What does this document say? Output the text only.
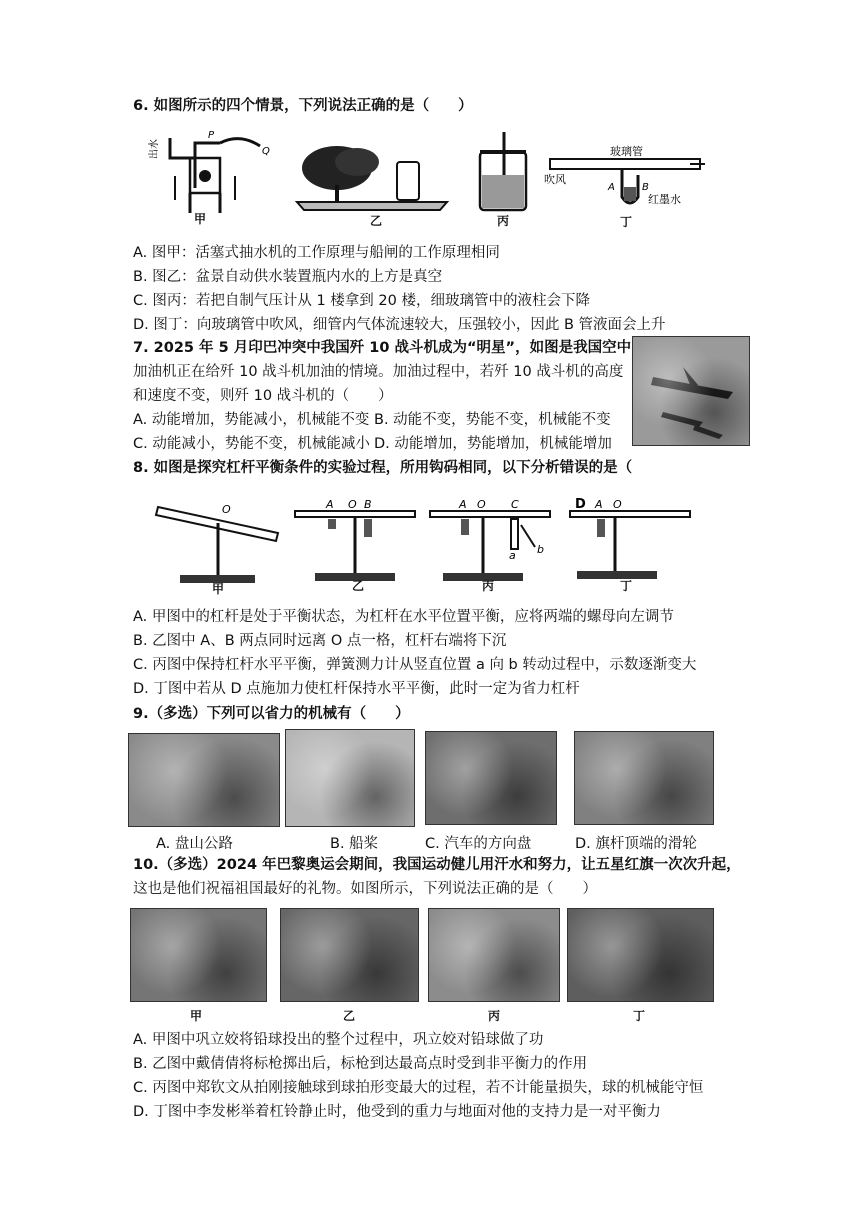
6. 如图所示的四个情景，下列说法正确的是（　　）
出水
P
Q
甲	乙	丙
玻璃管
吹风
A	B
红墨水
丁
A. 图甲：活塞式抽水机的工作原理与船闸的工作原理相同
B. 图乙：盆景自动供水装置瓶内水的上方是真空
C. 图丙：若把自制气压计从 1 楼拿到 20 楼，细玻璃管中的液柱会下降
D. 图丁：向玻璃管中吹风，细管内气体流速较大，压强较小，因此 B 管液面会上升
7. 2025 年 5 月印巴冲突中我国歼 10 战斗机成为“明星”，如图是我国空中
加油机正在给歼 10 战斗机加油的情境。加油过程中，若歼 10 战斗机的高度
和速度不变，则歼 10 战斗机的（　　）
A. 动能增加，势能减小，机械能不变 B. 动能不变，势能不变，机械能不变
C. 动能减小，势能不变，机械能减小 D. 动能增加，势能增加，机械能增加
8. 如图是探究杠杆平衡条件的实验过程，所用钩码相同，以下分析错误的是（
O
甲
A O B
乙
A O C
a b
丙
D A O
丁
A. 甲图中的杠杆是处于平衡状态，为杠杆在水平位置平衡，应将两端的螺母向左调节
B. 乙图中 A、B 两点同时远离 O 点一格，杠杆右端将下沉
C. 丙图中保持杠杆水平平衡，弹簧测力计从竖直位置 a 向 b 转动过程中，示数逐渐变大
D. 丁图中若从 D 点施加力使杠杆保持水平平衡，此时一定为省力杠杆
9.（多选）下列可以省力的机械有（　　）
A. 盘山公路	B. 船桨	C. 汽车的方向盘	D. 旗杆顶端的滑轮
10.（多选）2024 年巴黎奥运会期间，我国运动健儿用汗水和努力，让五星红旗一次次升起，
这也是他们祝福祖国最好的礼物。如图所示，下列说法正确的是（　　）
甲	乙	丙	丁
A. 甲图中巩立姣将铅球投出的整个过程中，巩立姣对铅球做了功
B. 乙图中戴倩倩将标枪掷出后，标枪到达最高点时受到非平衡力的作用
C. 丙图中郑钦文从拍刚接触球到球拍形变最大的过程，若不计能量损失，球的机械能守恒
D. 丁图中李发彬举着杠铃静止时，他受到的重力与地面对他的支持力是一对平衡力
